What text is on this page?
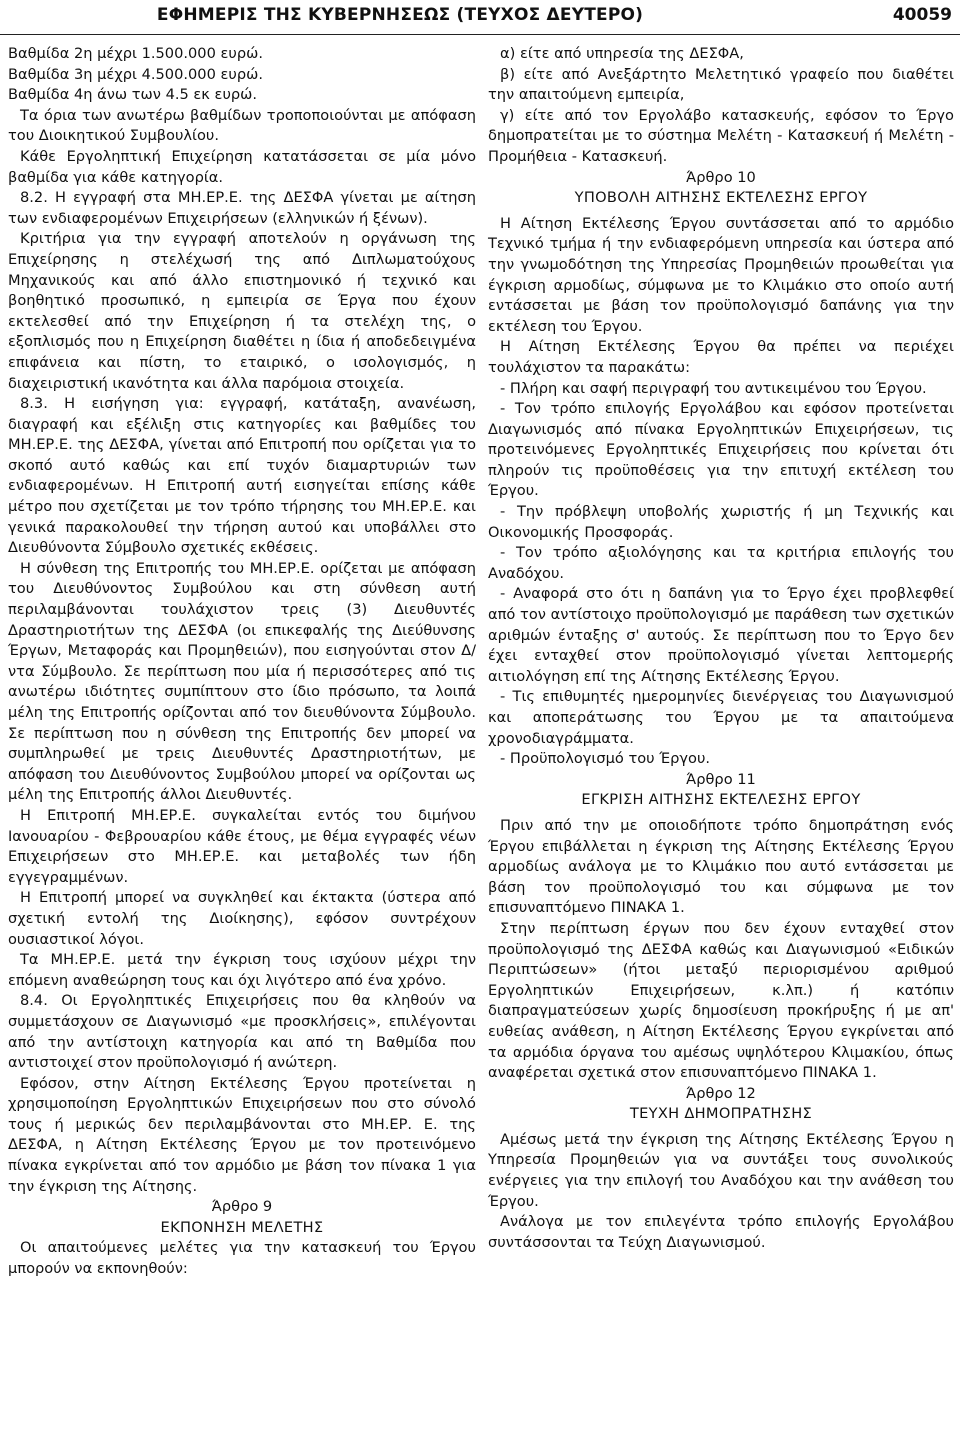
ΕΦΗΜΕΡΙΣ ΤΗΣ ΚΥΒΕΡΝΗΣΕΩΣ (ΤΕΥΧΟΣ ΔΕΥΤΕΡΟ)	40059

Βαθμίδα 2η μέχρι 1.500.000 ευρώ.

Βαθμίδα 3η μέχρι 4.500.000 ευρώ.

Βαθμίδα 4η άνω των 4.5 εκ ευρώ.

Τα όρια των ανωτέρω βαθμίδων τροποποιούνται με απόφαση του Διοικητικού Συμβουλίου.

Κάθε Εργοληπτική Επιχείρηση κατατάσσεται σε μία μόνο βαθμίδα για κάθε κατηγορία.

8.2. Η εγγραφή στα ΜΗ.ΕΡ.Ε. της ΔΕΣΦΑ γίνεται με αίτηση των ενδιαφερομένων Επιχειρήσεων (ελληνικών ή ξένων).

Κριτήρια για την εγγραφή αποτελούν η οργάνωση της Επιχείρησης η στελέχωσή της από Διπλωματούχους Μηχανικούς και από άλλο επιστημονικό ή τεχνικό και βοηθητικό προσωπικό, η εμπειρία σε Έργα που έχουν εκτελεσθεί από την Επιχείρηση ή τα στελέχη της, ο εξοπλισμός που η Επιχείρηση διαθέτει η ίδια ή αποδεδειγμένα επιφάνεια και πίστη, το εταιρικό, ο ισολογισμός, η διαχειριστική ικανότητα και άλλα παρόμοια στοιχεία.

8.3. Η εισήγηση για: εγγραφή, κατάταξη, ανανέωση, διαγραφή και εξέλιξη στις κατηγορίες και βαθμίδες του ΜΗ.ΕΡ.Ε. της ΔΕΣΦΑ, γίνεται από Επιτροπή που ορίζεται για το σκοπό αυτό καθώς και επί τυχόν διαμαρτυριών των ενδιαφερομένων. Η Επιτροπή αυτή εισηγείται επίσης κάθε μέτρο που σχετίζεται με τον τρόπο τήρησης του ΜΗ.ΕΡ.Ε. και γενικά παρακολουθεί την τήρηση αυτού και υποβάλλει στο Διευθύνοντα Σύμβουλο σχετικές εκθέσεις.

Η σύνθεση της Επιτροπής του ΜΗ.ΕΡ.Ε. ορίζεται με απόφαση του Διευθύνοντος Συμβούλου και στη σύνθεση αυτή περιλαμβάνονται τουλάχιστον τρεις (3) Διευθυντές Δραστηριοτήτων της ΔΕΣΦΑ (οι επικεφαλής της Διεύθυνσης Έργων, Μεταφοράς και Προμηθειών), που εισηγούνται στον Δ/ντα Σύμβουλο. Σε περίπτωση που μία ή περισσότερες από τις ανωτέρω ιδιότητες συμπίπτουν στο ίδιο πρόσωπο, τα λοιπά μέλη της Επιτροπής ορίζονται από τον διευθύνοντα Σύμβουλο. Σε περίπτωση που η σύνθεση της Επιτροπής δεν μπορεί να συμπληρωθεί με τρεις Διευθυντές Δραστηριοτήτων, με απόφαση του Διευθύνοντος Συμβούλου μπορεί να ορίζονται ως μέλη της Επιτροπής άλλοι Διευθυντές.

Η Επιτροπή ΜΗ.ΕΡ.Ε. συγκαλείται εντός του διμήνου Ιανουαρίου - Φεβρουαρίου κάθε έτους, με θέμα εγγραφές νέων Επιχειρήσεων στο ΜΗ.ΕΡ.Ε. και μεταβολές των ήδη εγγεγραμμένων.

Η Επιτροπή μπορεί να συγκληθεί και έκτακτα (ύστερα από σχετική εντολή της Διοίκησης), εφόσον συντρέχουν ουσιαστικοί λόγοι.

Τα ΜΗ.ΕΡ.Ε. μετά την έγκριση τους ισχύουν μέχρι την επόμενη αναθεώρηση τους και όχι λιγότερο από ένα χρόνο.

8.4. Οι Εργοληπτικές Επιχειρήσεις που θα κληθούν να συμμετάσχουν σε Διαγωνισμό «με προσκλήσεις», επιλέγονται από την αντίστοιχη κατηγορία και από τη Βαθμίδα που αντιστοιχεί στον προϋπολογισμό ή ανώτερη.

Εφόσον, στην Αίτηση Εκτέλεσης Έργου προτείνεται η χρησιμοποίηση Εργοληπτικών Επιχειρήσεων που στο σύνολό τους ή μερικώς δεν περιλαμβάνονται στο ΜΗ.ΕΡ. Ε. της ΔΕΣΦΑ, η Αίτηση Εκτέλεσης Έργου με τον προτεινόμενο πίνακα εγκρίνεται από τον αρμόδιο με βάση τον πίνακα 1 για την έγκριση της Αίτησης.

Άρθρο 9

ΕΚΠΟΝΗΣΗ ΜΕΛΕΤΗΣ

Οι απαιτούμενες μελέτες για την κατασκευή του Έργου μπορούν να εκπονηθούν:

α) είτε από υπηρεσία της ΔΕΣΦΑ,

β) είτε από Ανεξάρτητο Μελετητικό γραφείο που διαθέτει την απαιτούμενη εμπειρία,

γ) είτε από τον Εργολάβο κατασκευής, εφόσον το Έργο δημοπρατείται με το σύστημα Μελέτη - Κατασκευή ή Μελέτη - Προμήθεια - Κατασκευή.

Άρθρο 10

ΥΠΟΒΟΛΗ ΑΙΤΗΣΗΣ ΕΚΤΕΛΕΣΗΣ ΕΡΓΟΥ

Η Αίτηση Εκτέλεσης Έργου συντάσσεται από το αρμόδιο Τεχνικό τμήμα ή την ενδιαφερόμενη υπηρεσία και ύστερα από την γνωμοδότηση της Υπηρεσίας Προμηθειών προωθείται για έγκριση αρμοδίως, σύμφωνα με το Κλιμάκιο στο οποίο αυτή εντάσσεται με βάση τον προϋπολογισμό δαπάνης για την εκτέλεση του Έργου.

Η Αίτηση Εκτέλεσης Έργου θα πρέπει να περιέχει τουλάχιστον τα παρακάτω:

- Πλήρη και σαφή περιγραφή του αντικειμένου του Έργου.

- Τον τρόπο επιλογής Εργολάβου και εφόσον προτείνεται Διαγωνισμός από πίνακα Εργοληπτικών Επιχειρήσεων, τις προτεινόμενες Εργοληπτικές Επιχειρήσεις που κρίνεται ότι πληρούν τις προϋποθέσεις για την επιτυχή εκτέλεση του Έργου.

- Την πρόβλεψη υποβολής χωριστής ή μη Τεχνικής και Οικονομικής Προσφοράς.

- Τον τρόπο αξιολόγησης και τα κριτήρια επιλογής του Αναδόχου.

- Αναφορά στο ότι η δαπάνη για το Έργο έχει προβλεφθεί από τον αντίστοιχο προϋπολογισμό με παράθεση των σχετικών αριθμών ένταξης σ' αυτούς. Σε περίπτωση που το Έργο δεν έχει ενταχθεί στον προϋπολογισμό γίνεται λεπτομερής αιτιολόγηση επί της Αίτησης Εκτέλεσης Έργου.

- Τις επιθυμητές ημερομηνίες διενέργειας του Διαγωνισμού και αποπεράτωσης του Έργου με τα απαιτούμενα χρονοδιαγράμματα.

- Προϋπολογισμό του Έργου.

Άρθρο 11

ΕΓΚΡΙΣΗ ΑΙΤΗΣΗΣ ΕΚΤΕΛΕΣΗΣ ΕΡΓΟΥ

Πριν από την με οποιοδήποτε τρόπο δημοπράτηση ενός Έργου επιβάλλεται η έγκριση της Αίτησης Εκτέλεσης Έργου αρμοδίως ανάλογα με το Κλιμάκιο που αυτό εντάσσεται με βάση τον προϋπολογισμό του και σύμφωνα με τον επισυναπτόμενο ΠΙΝΑΚΑ 1.

Στην περίπτωση έργων που δεν έχουν ενταχθεί στον προϋπολογισμό της ΔΕΣΦΑ καθώς και Διαγωνισμού «Ειδικών Περιπτώσεων» (ήτοι μεταξύ περιορισμένου αριθμού Εργοληπτικών Επιχειρήσεων, κ.λπ.) ή κατόπιν διαπραγματεύσεων χωρίς δημοσίευση προκήρυξης ή με απ' ευθείας ανάθεση, η Αίτηση Εκτέλεσης Έργου εγκρίνεται από τα αρμόδια όργανα του αμέσως υψηλότερου Κλιμακίου, όπως αναφέρεται σχετικά στον επισυναπτόμενο ΠΙΝΑΚΑ 1.

Άρθρο 12

ΤΕΥΧΗ ΔΗΜΟΠΡΑΤΗΣΗΣ

Αμέσως μετά την έγκριση της Αίτησης Εκτέλεσης Έργου η Υπηρεσία Προμηθειών για να συντάξει τους συνολικούς ενέργειες για την επιλογή του Αναδόχου και την ανάθεση του Έργου.

Ανάλογα με τον επιλεγέντα τρόπο επιλογής Εργολάβου συντάσσονται τα Τεύχη Διαγωνισμού.
